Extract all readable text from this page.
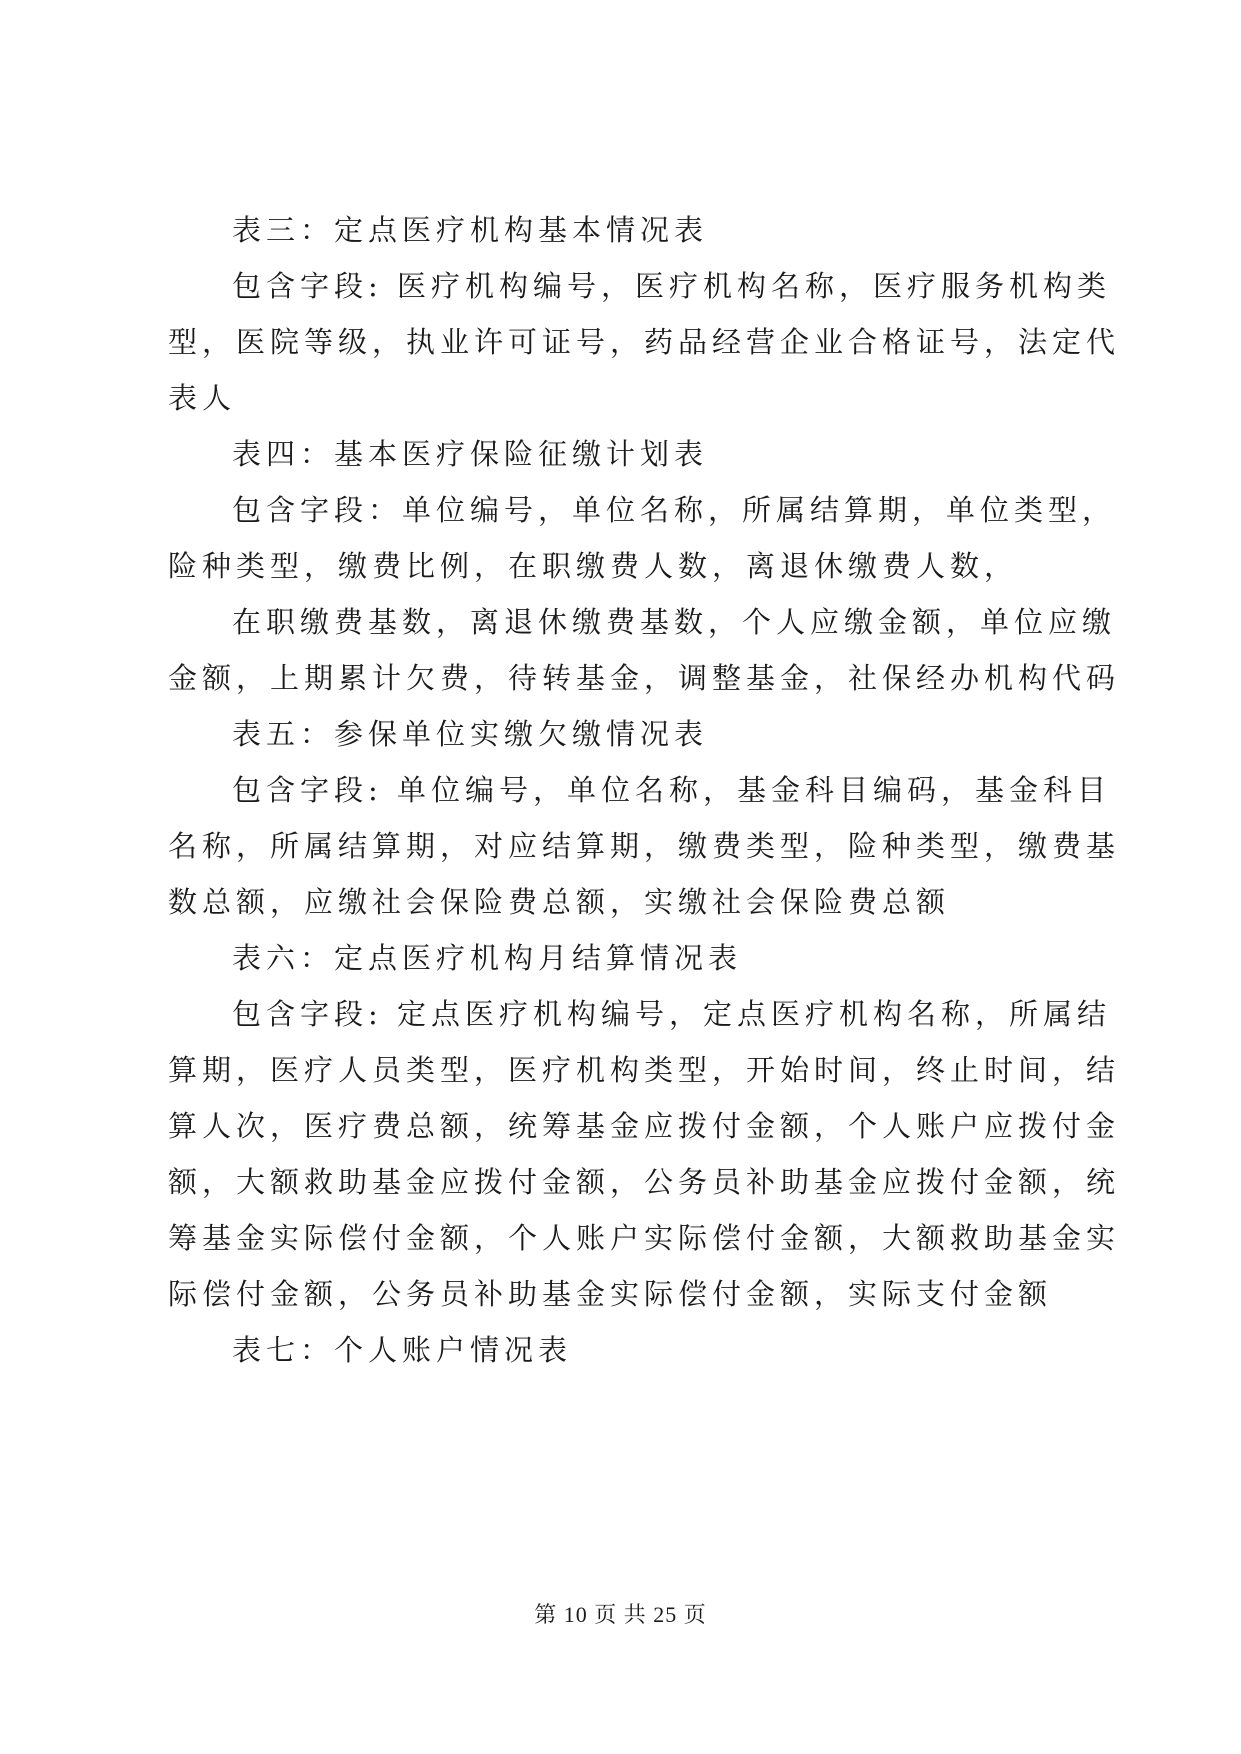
表三：定点医疗机构基本情况表
包含字段: 医疗机构编号，医疗机构名称，医疗服务机构类
型，医院等级，执业许可证号，药品经营企业合格证号，法定代
表人
表四：基本医疗保险征缴计划表
包含字段：单位编号，单位名称，所属结算期，单位类型，
险种类型，缴费比例，在职缴费人数，离退休缴费人数，
在职缴费基数，离退休缴费基数，个人应缴金额，单位应缴
金额，上期累计欠费，待转基金，调整基金，社保经办机构代码
表五：参保单位实缴欠缴情况表
包含字段: 单位编号，单位名称，基金科目编码，基金科目
名称，所属结算期，对应结算期，缴费类型，险种类型，缴费基
数总额，应缴社会保险费总额，实缴社会保险费总额
表六：定点医疗机构月结算情况表
包含字段: 定点医疗机构编号，定点医疗机构名称，所属结
算期，医疗人员类型，医疗机构类型，开始时间，终止时间，结
算人次，医疗费总额，统筹基金应拨付金额，个人账户应拨付金
额，大额救助基金应拨付金额，公务员补助基金应拨付金额，统
筹基金实际偿付金额，个人账户实际偿付金额，大额救助基金实
际偿付金额，公务员补助基金实际偿付金额，实际支付金额
表七：个人账户情况表
第 10 页 共 25 页
